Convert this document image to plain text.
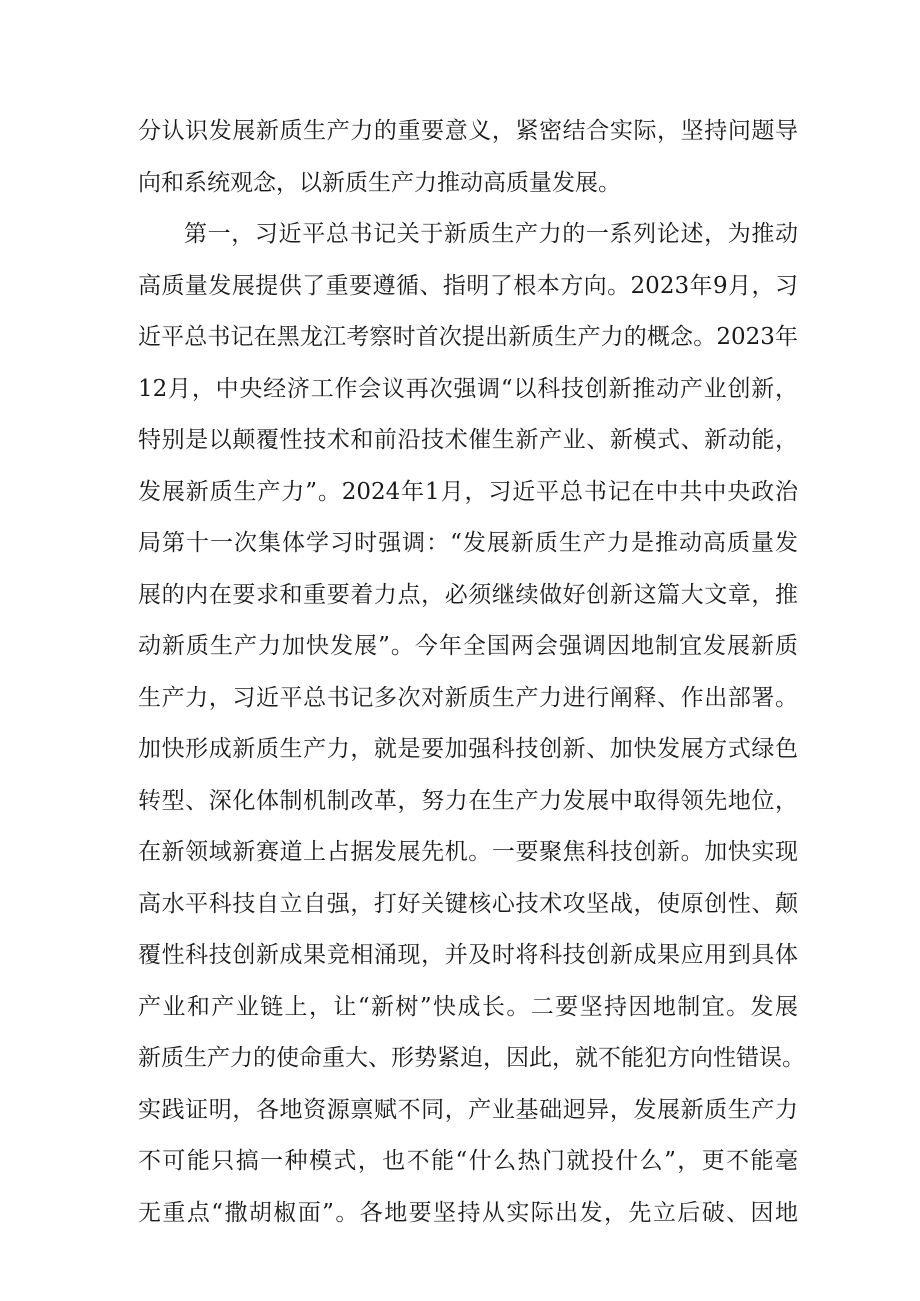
分认识发展新质生产力的重要意义，紧密结合实际，坚持问题导
向和系统观念，以新质生产力推动高质量发展。
第一，习近平总书记关于新质生产力的一系列论述，为推动
高质量发展提供了重要遵循、指明了根本方向。2023年9月，习
近平总书记在黑龙江考察时首次提出新质生产力的概念。2023年
12月，中央经济工作会议再次强调“以科技创新推动产业创新，
特别是以颠覆性技术和前沿技术催生新产业、新模式、新动能，
发展新质生产力”。2024年1月，习近平总书记在中共中央政治
局第十一次集体学习时强调：“发展新质生产力是推动高质量发
展的内在要求和重要着力点，必须继续做好创新这篇大文章，推
动新质生产力加快发展”。今年全国两会强调因地制宜发展新质
生产力，习近平总书记多次对新质生产力进行阐释、作出部署。
加快形成新质生产力，就是要加强科技创新、加快发展方式绿色
转型、深化体制机制改革，努力在生产力发展中取得领先地位，
在新领域新赛道上占据发展先机。一要聚焦科技创新。加快实现
高水平科技自立自强，打好关键核心技术攻坚战，使原创性、颠
覆性科技创新成果竞相涌现，并及时将科技创新成果应用到具体
产业和产业链上，让“新树”快成长。二要坚持因地制宜。发展
新质生产力的使命重大、形势紧迫，因此，就不能犯方向性错误。
实践证明，各地资源禀赋不同，产业基础迥异，发展新质生产力
不可能只搞一种模式，也不能“什么热门就投什么”，更不能毫
无重点“撒胡椒面”。各地要坚持从实际出发，先立后破、因地
